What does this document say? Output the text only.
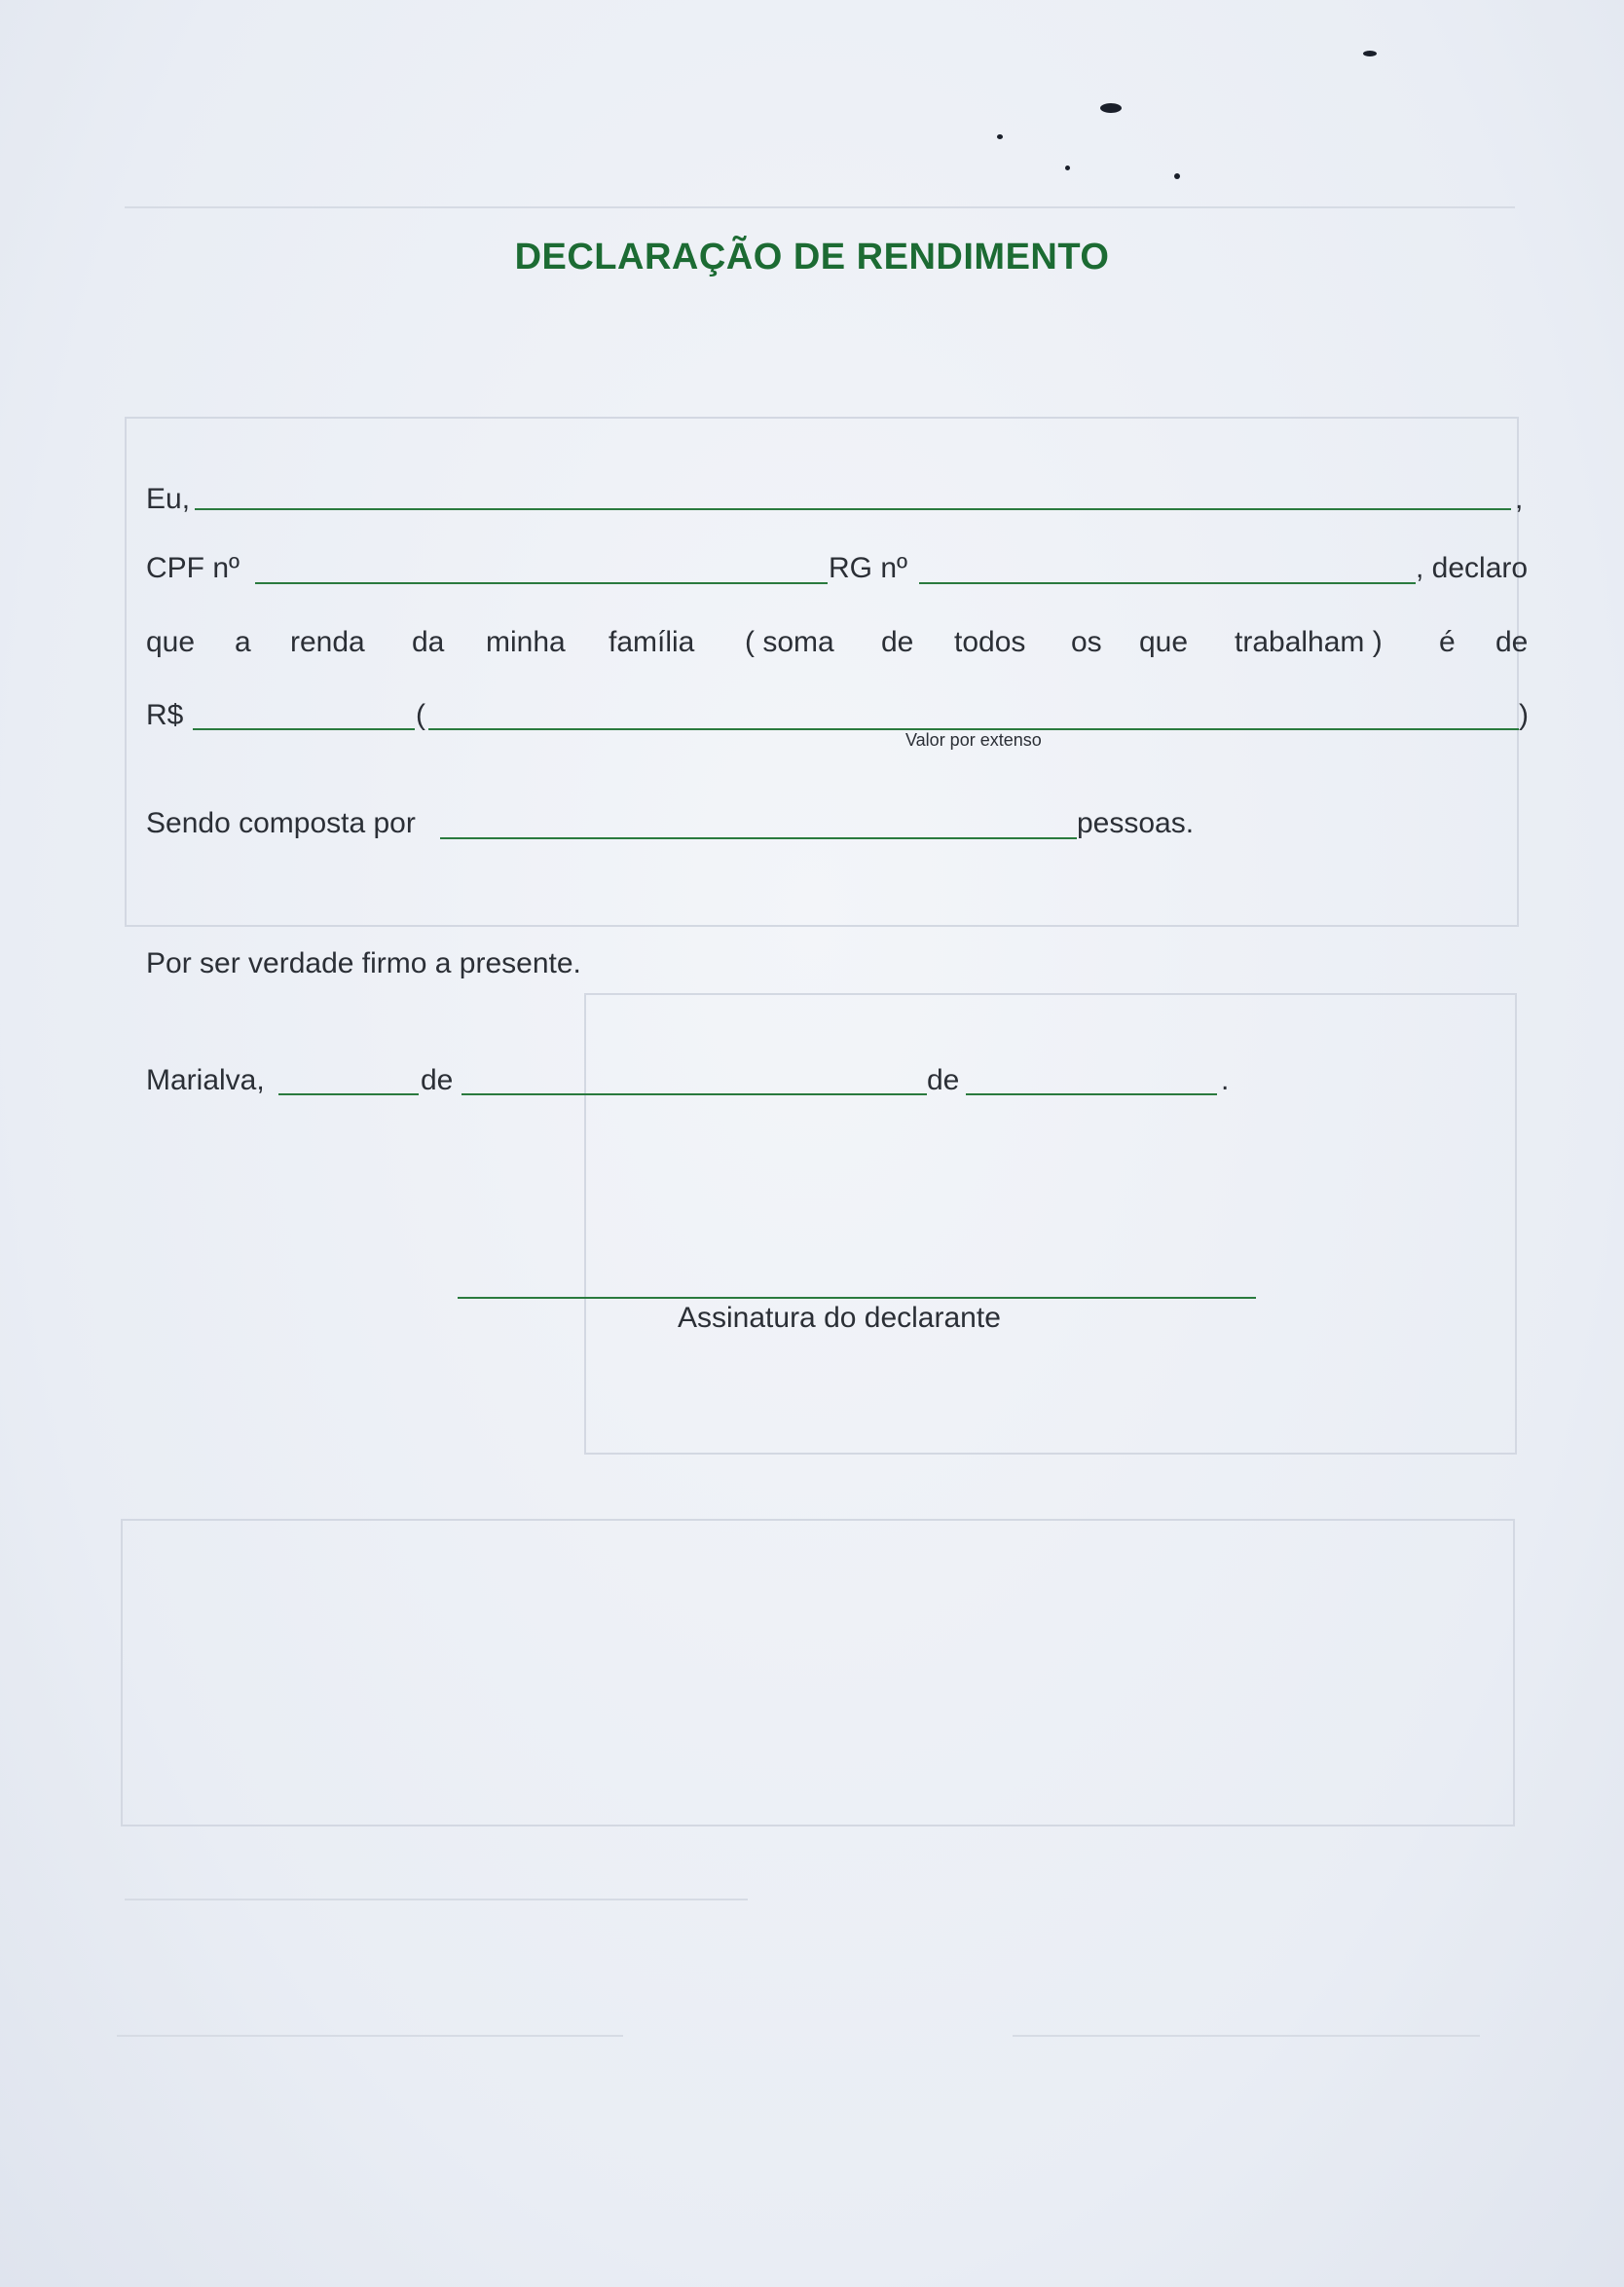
DECLARAÇÃO DE RENDIMENTO
Eu,	,
CPF nº	RG nº	, declaro
que a renda da minha família ( soma de todos os que trabalham ) é de
R$	(	)
Valor por extenso
Sendo composta por	pessoas.
Por ser verdade firmo a presente.
Marialva,	de	de	.
Assinatura do declarante
